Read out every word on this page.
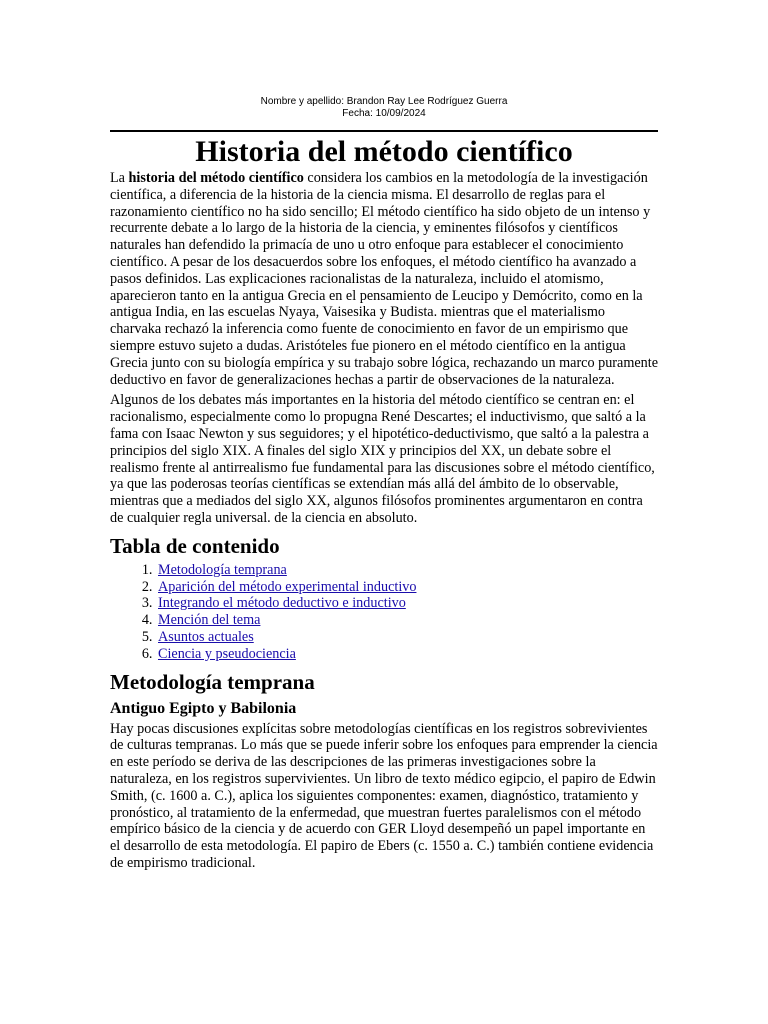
Nombre y apellido: Brandon Ray Lee Rodríguez Guerra
Fecha: 10/09/2024
Historia del método científico

La historia del método científico considera los cambios en la metodología de la investigación científica, a diferencia de la historia de la ciencia misma. El desarrollo de reglas para el razonamiento científico no ha sido sencillo; El método científico ha sido objeto de un intenso y recurrente debate a lo largo de la historia de la ciencia, y eminentes filósofos y científicos naturales han defendido la primacía de uno u otro enfoque para establecer el conocimiento científico. A pesar de los desacuerdos sobre los enfoques, el método científico ha avanzado a pasos definidos. Las explicaciones racionalistas de la naturaleza, incluido el atomismo, aparecieron tanto en la antigua Grecia en el pensamiento de Leucipo y Demócrito, como en la antigua India, en las escuelas Nyaya, Vaisesika y Budista. mientras que el materialismo charvaka rechazó la inferencia como fuente de conocimiento en favor de un empirismo que siempre estuvo sujeto a dudas. Aristóteles fue pionero en el método científico en la antigua Grecia junto con su biología empírica y su trabajo sobre lógica, rechazando un marco puramente deductivo en favor de generalizaciones hechas a partir de observaciones de la naturaleza.

Algunos de los debates más importantes en la historia del método científico se centran en: el racionalismo, especialmente como lo propugna René Descartes; el inductivismo, que saltó a la fama con Isaac Newton y sus seguidores; y el hipotético-deductivismo, que saltó a la palestra a principios del siglo XIX. A finales del siglo XIX y principios del XX, un debate sobre el realismo frente al antirrealismo fue fundamental para las discusiones sobre el método científico, ya que las poderosas teorías científicas se extendían más allá del ámbito de lo observable, mientras que a mediados del siglo XX, algunos filósofos prominentes argumentaron en contra de cualquier regla universal. de la ciencia en absoluto.

Tabla de contenido
1. Metodología temprana
2. Aparición del método experimental inductivo
3. Integrando el método deductivo e inductivo
4. Mención del tema
5. Asuntos actuales
6. Ciencia y pseudociencia
Metodología temprana
Antiguo Egipto y Babilonia

Hay pocas discusiones explícitas sobre metodologías científicas en los registros sobrevivientes de culturas tempranas. Lo más que se puede inferir sobre los enfoques para emprender la ciencia en este período se deriva de las descripciones de las primeras investigaciones sobre la naturaleza, en los registros supervivientes. Un libro de texto médico egipcio, el papiro de Edwin Smith, (c. 1600 a. C.), aplica los siguientes componentes: examen, diagnóstico, tratamiento y pronóstico, al tratamiento de la enfermedad, que muestran fuertes paralelismos con el método empírico básico de la ciencia y de acuerdo con GER Lloyd desempeñó un papel importante en el desarrollo de esta metodología. El papiro de Ebers (c. 1550 a. C.) también contiene evidencia de empirismo tradicional.
